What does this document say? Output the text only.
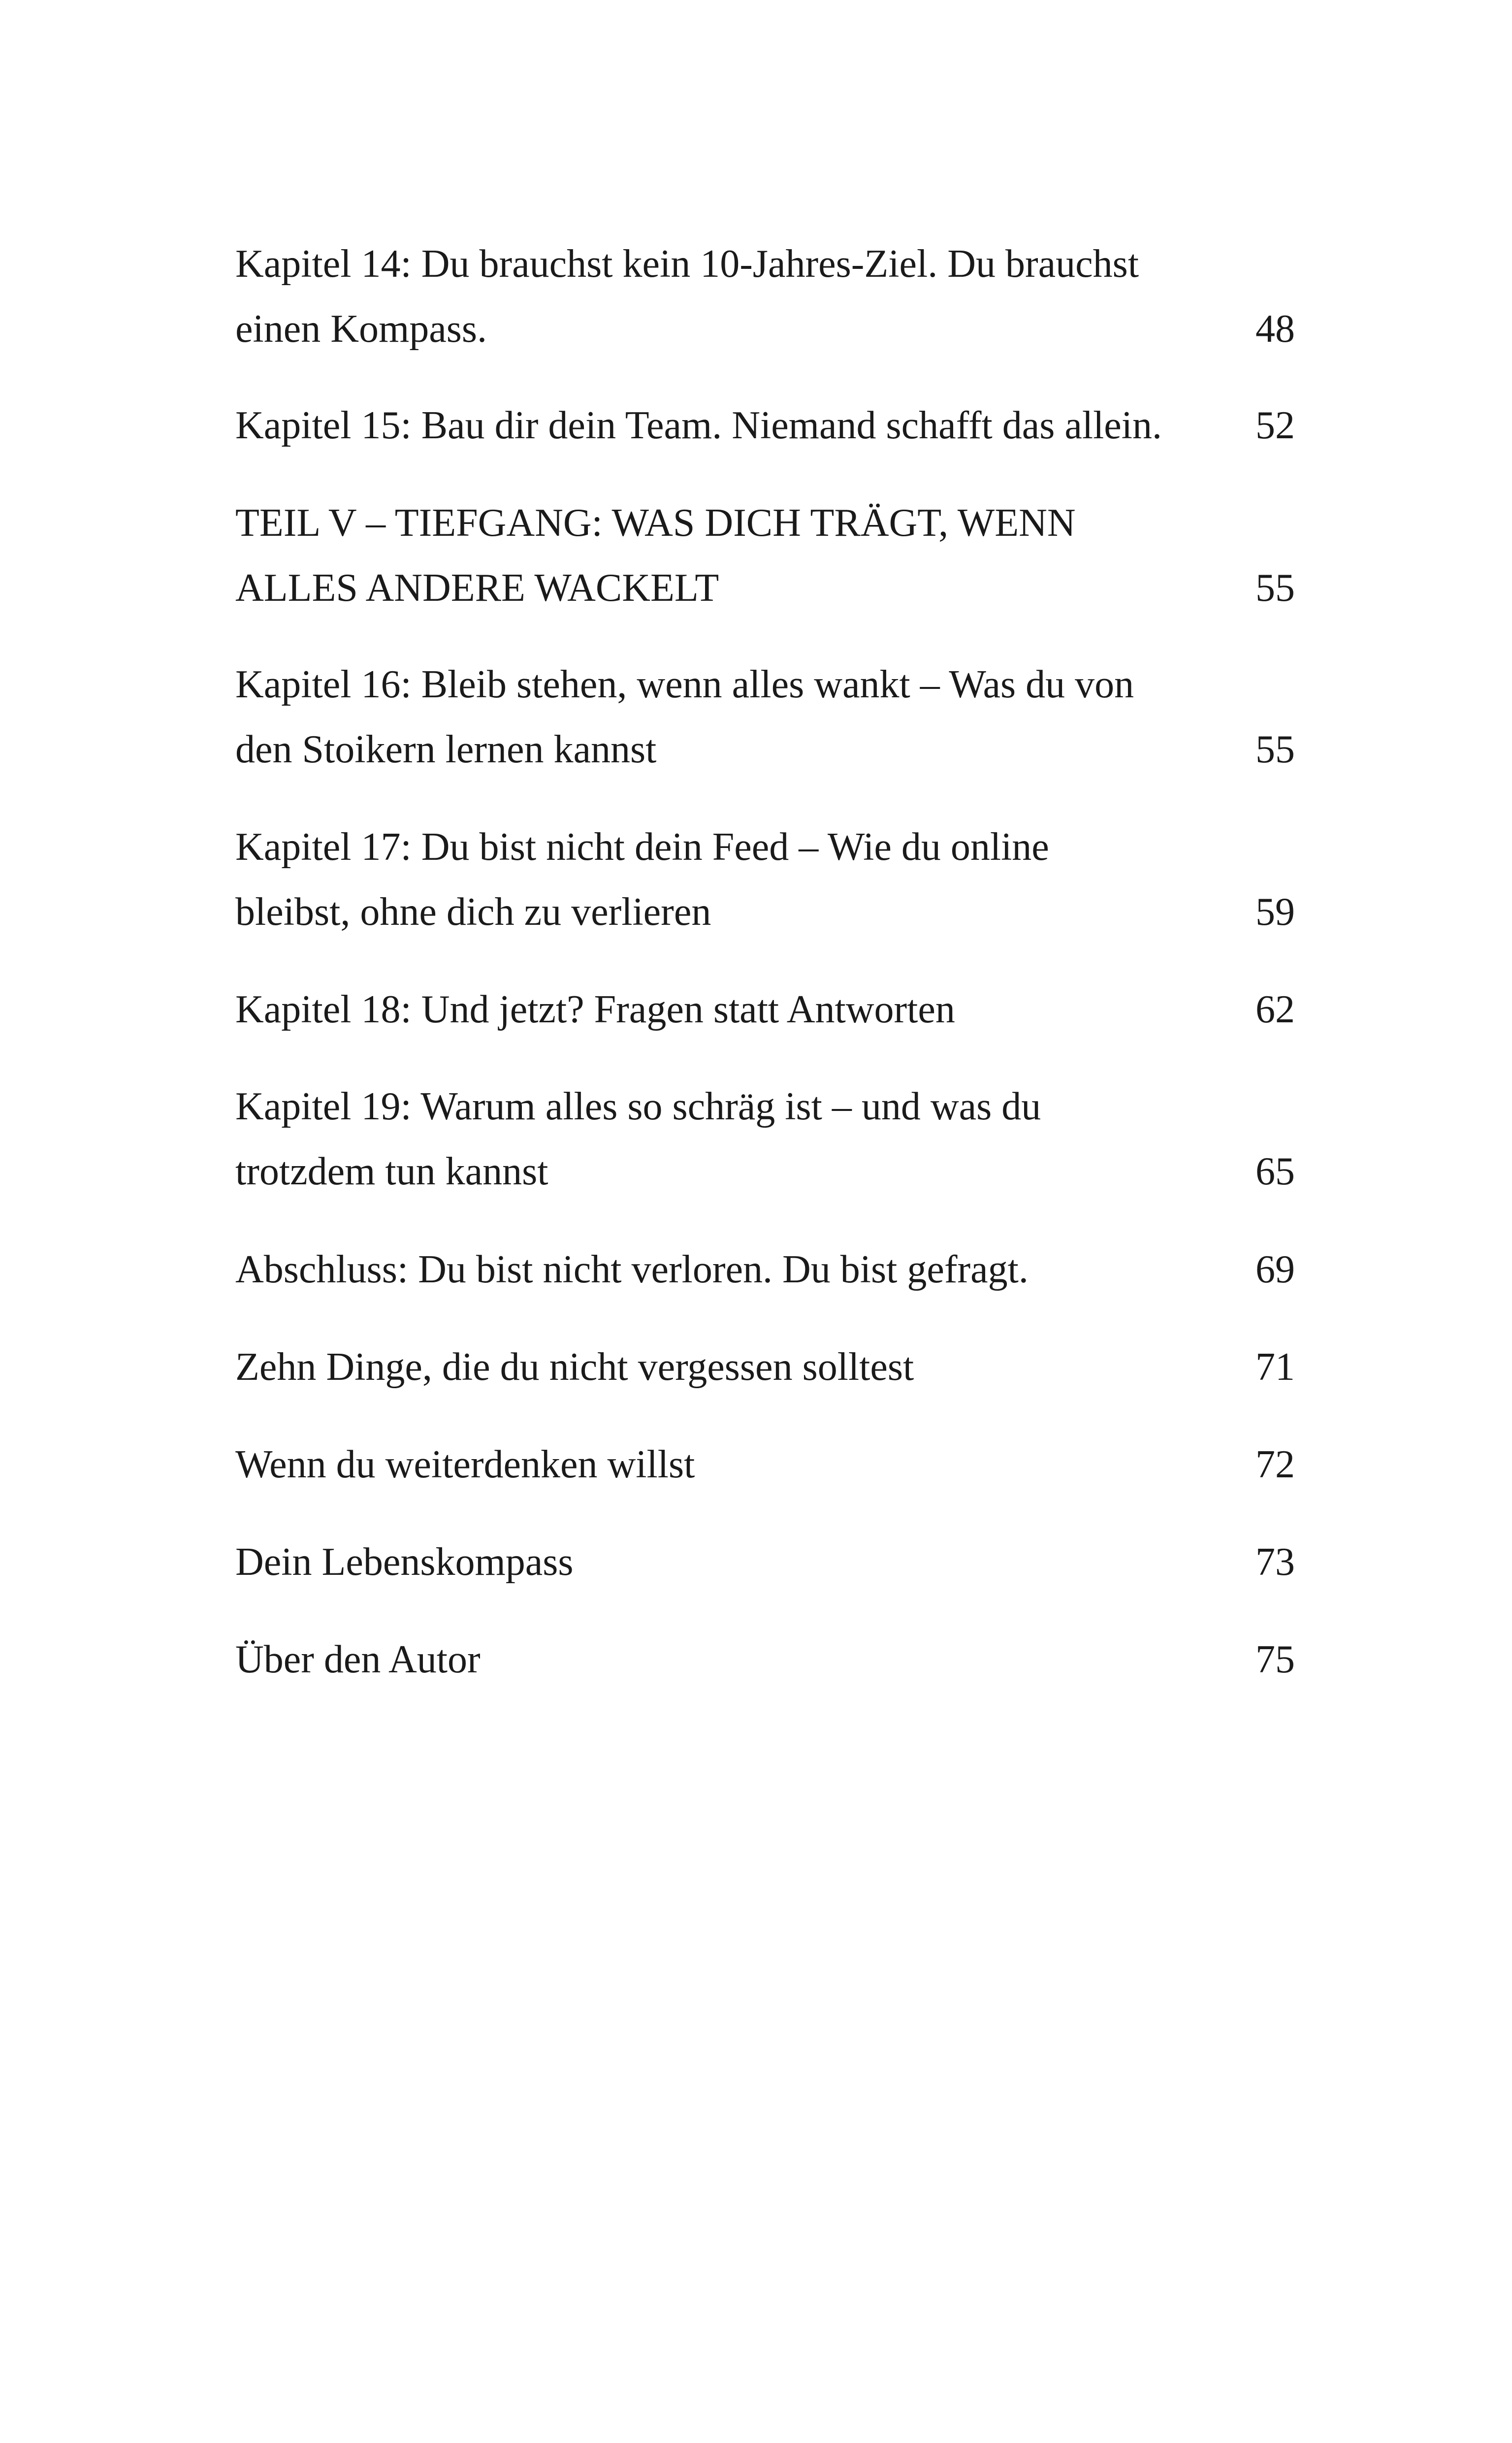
Kapitel 14: Du brauchst kein 10-Jahres-Ziel. Du brauchst einen Kompass.	48
Kapitel 15: Bau dir dein Team. Niemand schafft das allein.	52
TEIL V – TIEFGANG: WAS DICH TRÄGT, WENN ALLES ANDERE WACKELT	55
Kapitel 16: Bleib stehen, wenn alles wankt – Was du von den Stoikern lernen kannst	55
Kapitel 17: Du bist nicht dein Feed – Wie du online bleibst, ohne dich zu verlieren	59
Kapitel 18: Und jetzt? Fragen statt Antworten	62
Kapitel 19: Warum alles so schräg ist – und was du trotzdem tun kannst	65
Abschluss: Du bist nicht verloren. Du bist gefragt.	69
Zehn Dinge, die du nicht vergessen solltest	71
Wenn du weiterdenken willst	72
Dein Lebenskompass	73
Über den Autor	75
